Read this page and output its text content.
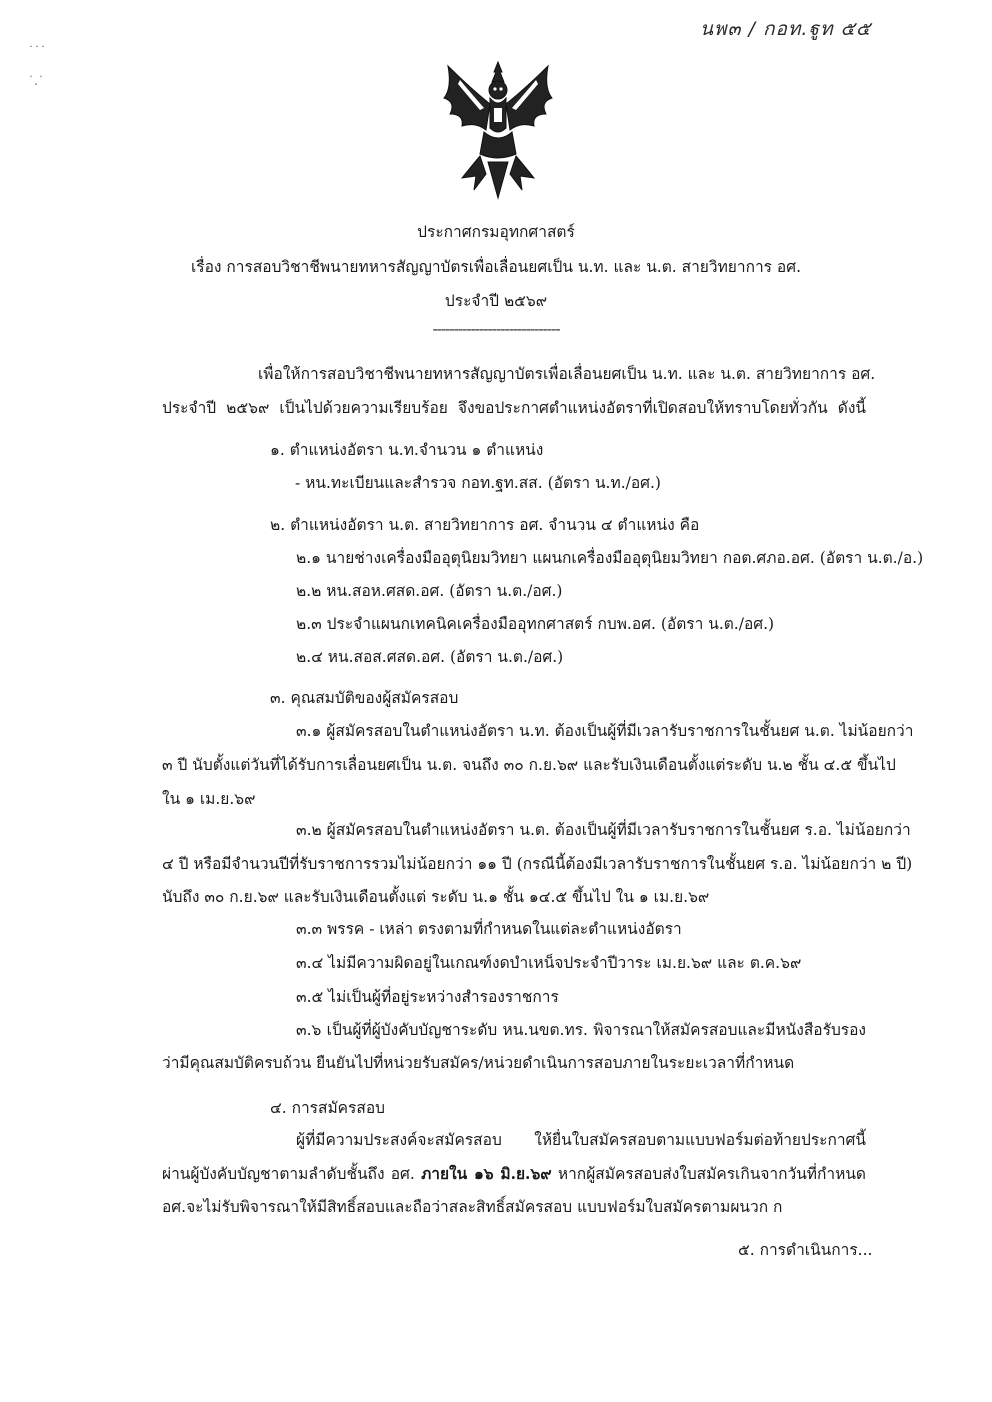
นพ๓ / กอท.ฐูท ๕๕
˙˙˙
˙.˙
ประกาศกรมอุทกศาสตร์
เรื่อง การสอบวิชาชีพนายทหารสัญญาบัตรเพื่อเลื่อนยศเป็น น.ท. และ น.ต. สายวิทยาการ อศ.
ประจำปี ๒๕๖๙
------------------------------
เพื่อให้การสอบวิชาชีพนายทหารสัญญาบัตรเพื่อเลื่อนยศเป็น น.ท. และ น.ต. สายวิทยาการ อศ.
ประจำปี ๒๕๖๙ เป็นไปด้วยความเรียบร้อย จึงขอประกาศตำแหน่งอัตราที่เปิดสอบให้ทราบโดยทั่วกัน ดังนี้
๑. ตำแหน่งอัตรา น.ท.จำนวน ๑ ตำแหน่ง
- หน.ทะเบียนและสำรวจ กอท.ฐท.สส. (อัตรา น.ท./อศ.)
๒. ตำแหน่งอัตรา น.ต. สายวิทยาการ อศ. จำนวน ๔ ตำแหน่ง คือ
๒.๑ นายช่างเครื่องมืออุตุนิยมวิทยา แผนกเครื่องมืออุตุนิยมวิทยา กอต.ศภอ.อศ. (อัตรา น.ต./อ.)
๒.๒ หน.สอห.ศสด.อศ. (อัตรา น.ต./อศ.)
๒.๓ ประจำแผนกเทคนิคเครื่องมืออุทกศาสตร์ กบพ.อศ. (อัตรา น.ต./อศ.)
๒.๔ หน.สอส.ศสด.อศ. (อัตรา น.ต./อศ.)
๓. คุณสมบัติของผู้สมัครสอบ
๓.๑ ผู้สมัครสอบในตำแหน่งอัตรา น.ท. ต้องเป็นผู้ที่มีเวลารับราชการในชั้นยศ น.ต. ไม่น้อยกว่า
๓ ปี นับตั้งแต่วันที่ได้รับการเลื่อนยศเป็น น.ต. จนถึง ๓๐ ก.ย.๖๙ และรับเงินเดือนตั้งแต่ระดับ น.๒ ชั้น ๔.๕ ขึ้นไป
ใน ๑ เม.ย.๖๙
๓.๒ ผู้สมัครสอบในตำแหน่งอัตรา น.ต. ต้องเป็นผู้ที่มีเวลารับราชการในชั้นยศ ร.อ. ไม่น้อยกว่า
๔ ปี หรือมีจำนวนปีที่รับราชการรวมไม่น้อยกว่า ๑๑ ปี (กรณีนี้ต้องมีเวลารับราชการในชั้นยศ ร.อ. ไม่น้อยกว่า ๒ ปี)
นับถึง ๓๐ ก.ย.๖๙ และรับเงินเดือนตั้งแต่ ระดับ น.๑ ชั้น ๑๔.๕ ขึ้นไป ใน ๑ เม.ย.๖๙
๓.๓ พรรค - เหล่า ตรงตามที่กำหนดในแต่ละตำแหน่งอัตรา
๓.๔ ไม่มีความผิดอยู่ในเกณฑ์งดบำเหน็จประจำปีวาระ เม.ย.๖๙ และ ต.ค.๖๙
๓.๕ ไม่เป็นผู้ที่อยู่ระหว่างสำรองราชการ
๓.๖ เป็นผู้ที่ผู้บังคับบัญชาระดับ หน.นขต.ทร. พิจารณาให้สมัครสอบและมีหนังสือรับรอง
ว่ามีคุณสมบัติครบถ้วน ยืนยันไปที่หน่วยรับสมัคร/หน่วยดำเนินการสอบภายในระยะเวลาที่กำหนด
๔. การสมัครสอบ
ผู้ที่มีความประสงค์จะสมัครสอบ ให้ยื่นใบสมัครสอบตามแบบฟอร์มต่อท้ายประกาศนี้
ผ่านผู้บังคับบัญชาตามลำดับชั้นถึง อศ. ภายใน ๑๖ มิ.ย.๖๙ หากผู้สมัครสอบส่งใบสมัครเกินจากวันที่กำหนด
อศ.จะไม่รับพิจารณาให้มีสิทธิ์สอบและถือว่าสละสิทธิ์สมัครสอบ แบบฟอร์มใบสมัครตามผนวก ก
๕. การดำเนินการ...
